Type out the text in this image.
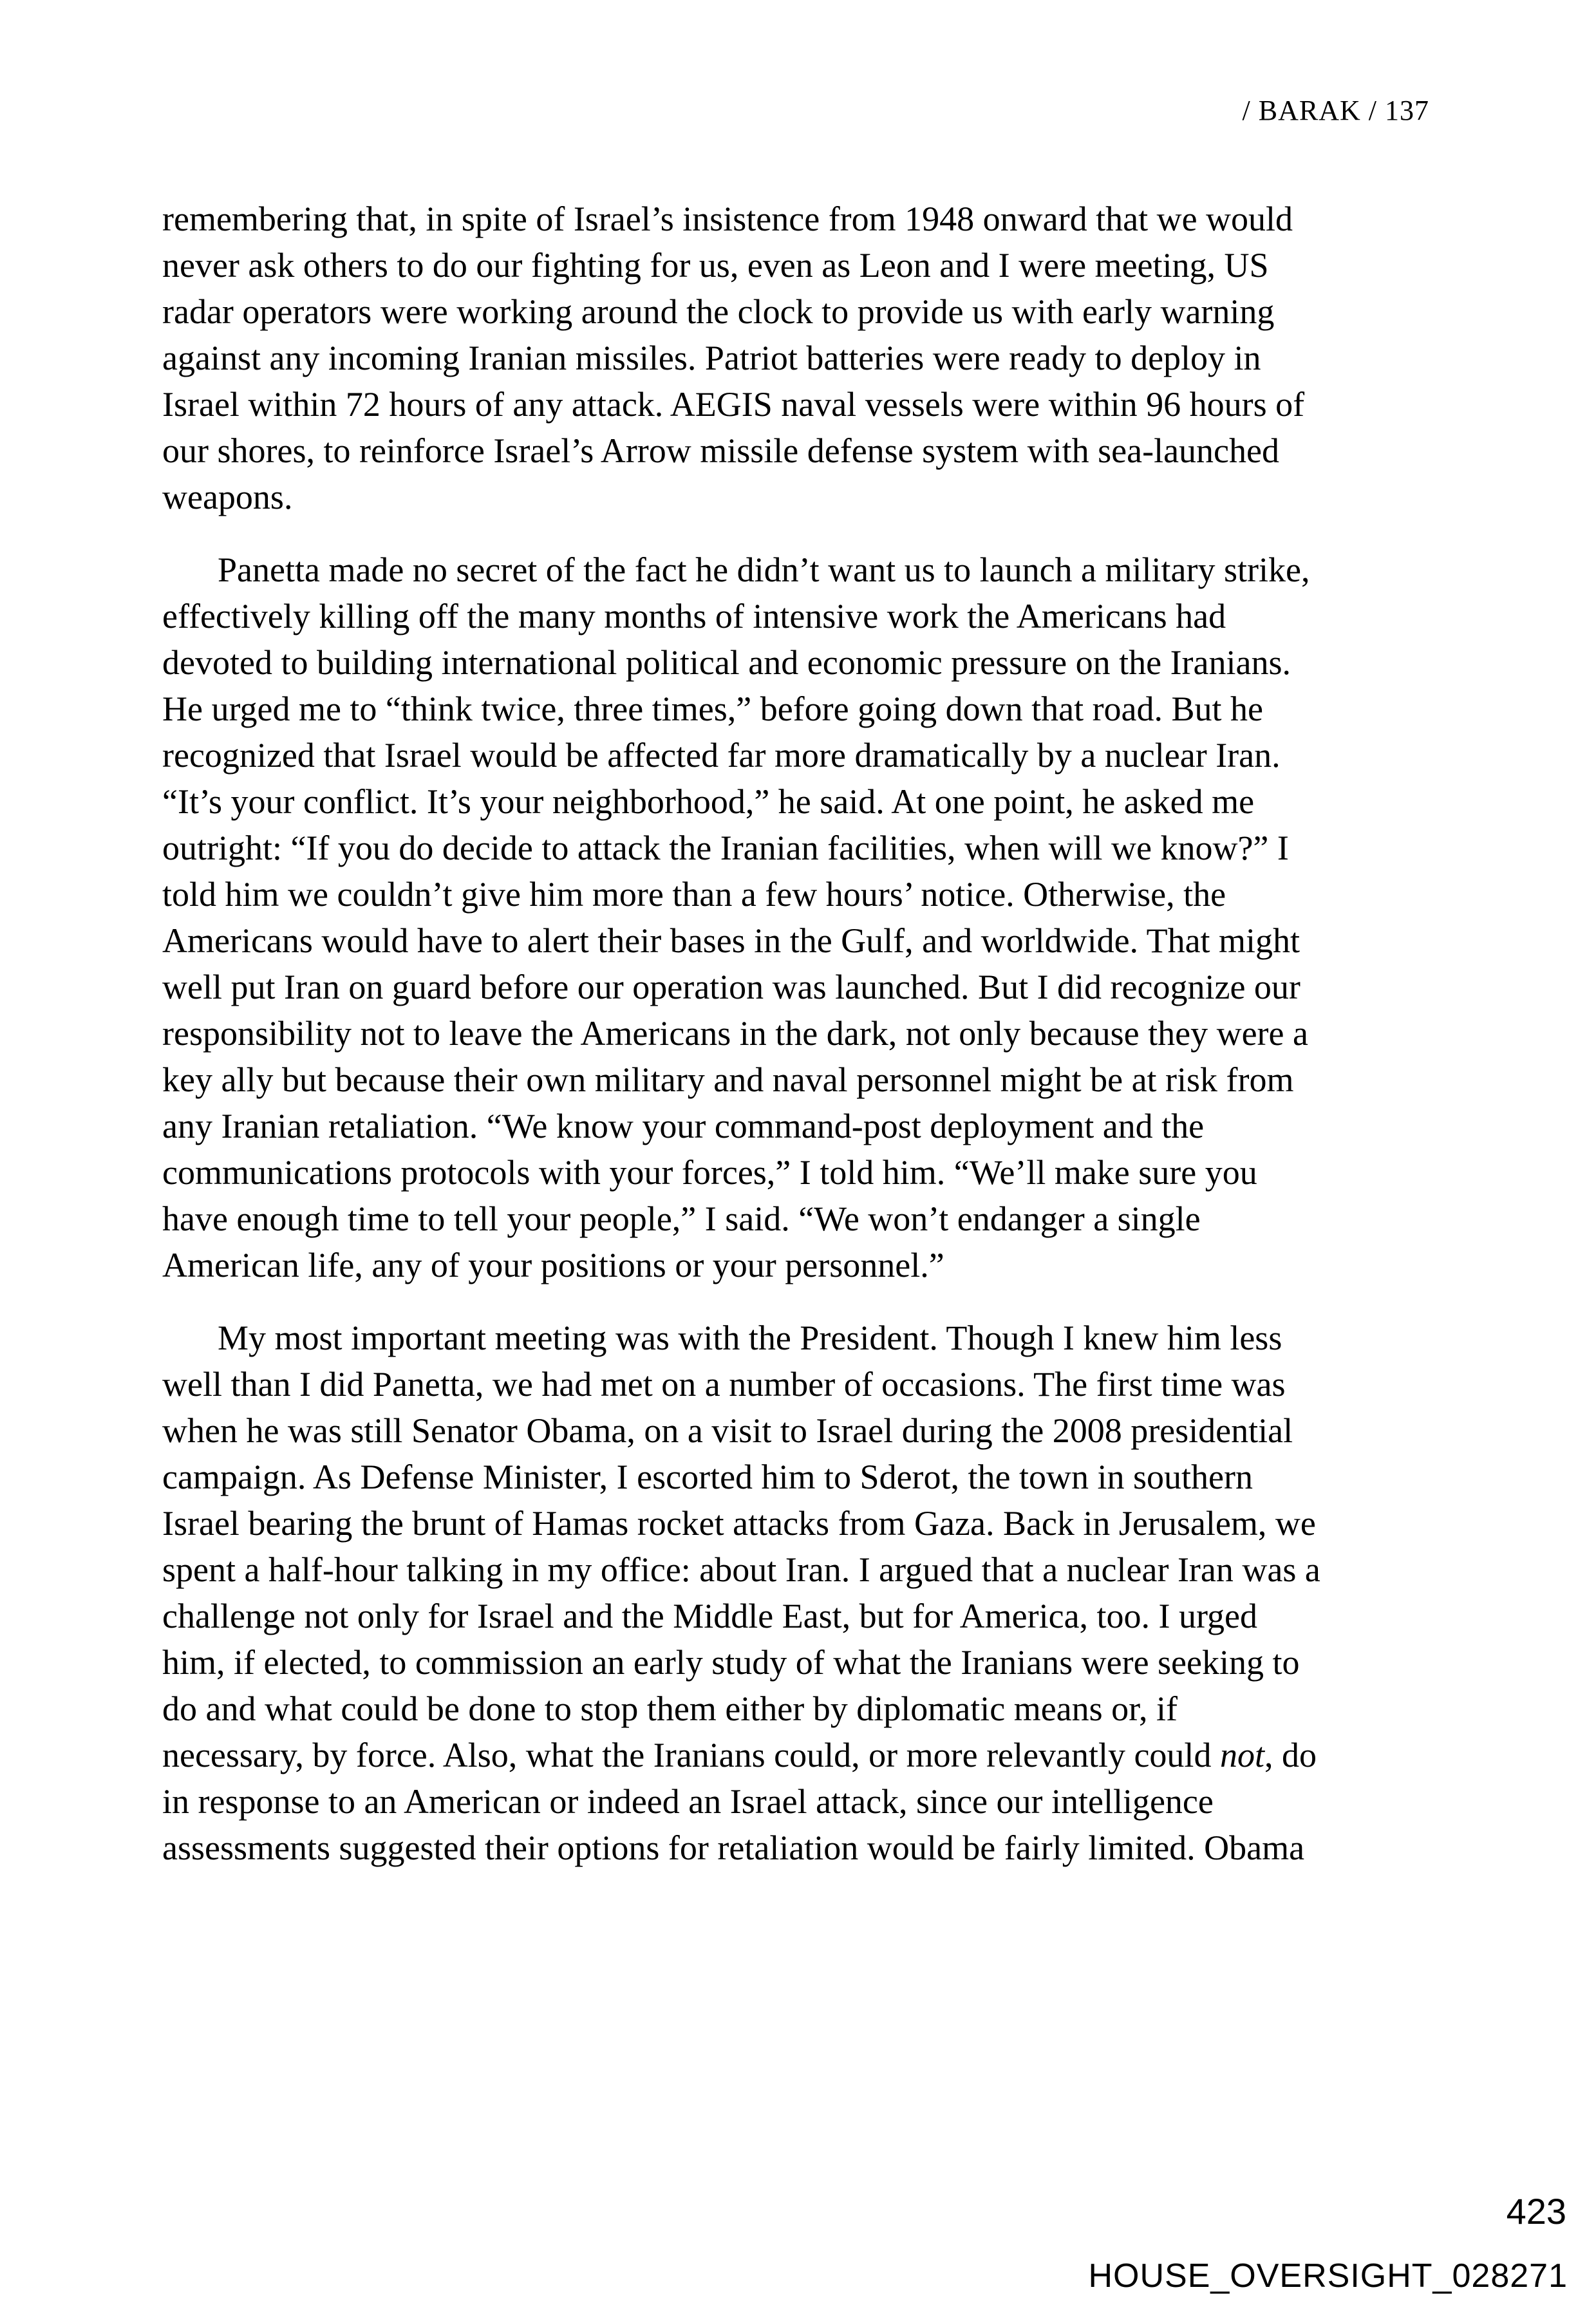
/ BARAK / 137
remembering that, in spite of Israel’s insistence from 1948 onward that we would
never ask others to do our fighting for us, even as Leon and I were meeting, US
radar operators were working around the clock to provide us with early warning
against any incoming Iranian missiles. Patriot batteries were ready to deploy in
Israel within 72 hours of any attack. AEGIS naval vessels were within 96 hours of
our shores, to reinforce Israel’s Arrow missile defense system with sea-launched
weapons.
Panetta made no secret of the fact he didn’t want us to launch a military strike,
effectively killing off the many months of intensive work the Americans had
devoted to building international political and economic pressure on the Iranians.
He urged me to “think twice, three times,” before going down that road. But he
recognized that Israel would be affected far more dramatically by a nuclear Iran.
“It’s your conflict. It’s your neighborhood,” he said. At one point, he asked me
outright: “If you do decide to attack the Iranian facilities, when will we know?” I
told him we couldn’t give him more than a few hours’ notice. Otherwise, the
Americans would have to alert their bases in the Gulf, and worldwide. That might
well put Iran on guard before our operation was launched. But I did recognize our
responsibility not to leave the Americans in the dark, not only because they were a
key ally but because their own military and naval personnel might be at risk from
any Iranian retaliation. “We know your command-post deployment and the
communications protocols with your forces,” I told him. “We’ll make sure you
have enough time to tell your people,” I said. “We won’t endanger a single
American life, any of your positions or your personnel.”
My most important meeting was with the President. Though I knew him less
well than I did Panetta, we had met on a number of occasions. The first time was
when he was still Senator Obama, on a visit to Israel during the 2008 presidential
campaign. As Defense Minister, I escorted him to Sderot, the town in southern
Israel bearing the brunt of Hamas rocket attacks from Gaza. Back in Jerusalem, we
spent a half-hour talking in my office: about Iran. I argued that a nuclear Iran was a
challenge not only for Israel and the Middle East, but for America, too. I urged
him, if elected, to commission an early study of what the Iranians were seeking to
do and what could be done to stop them either by diplomatic means or, if
necessary, by force. Also, what the Iranians could, or more relevantly could not, do
in response to an American or indeed an Israel attack, since our intelligence
assessments suggested their options for retaliation would be fairly limited. Obama
423
HOUSE_OVERSIGHT_028271
